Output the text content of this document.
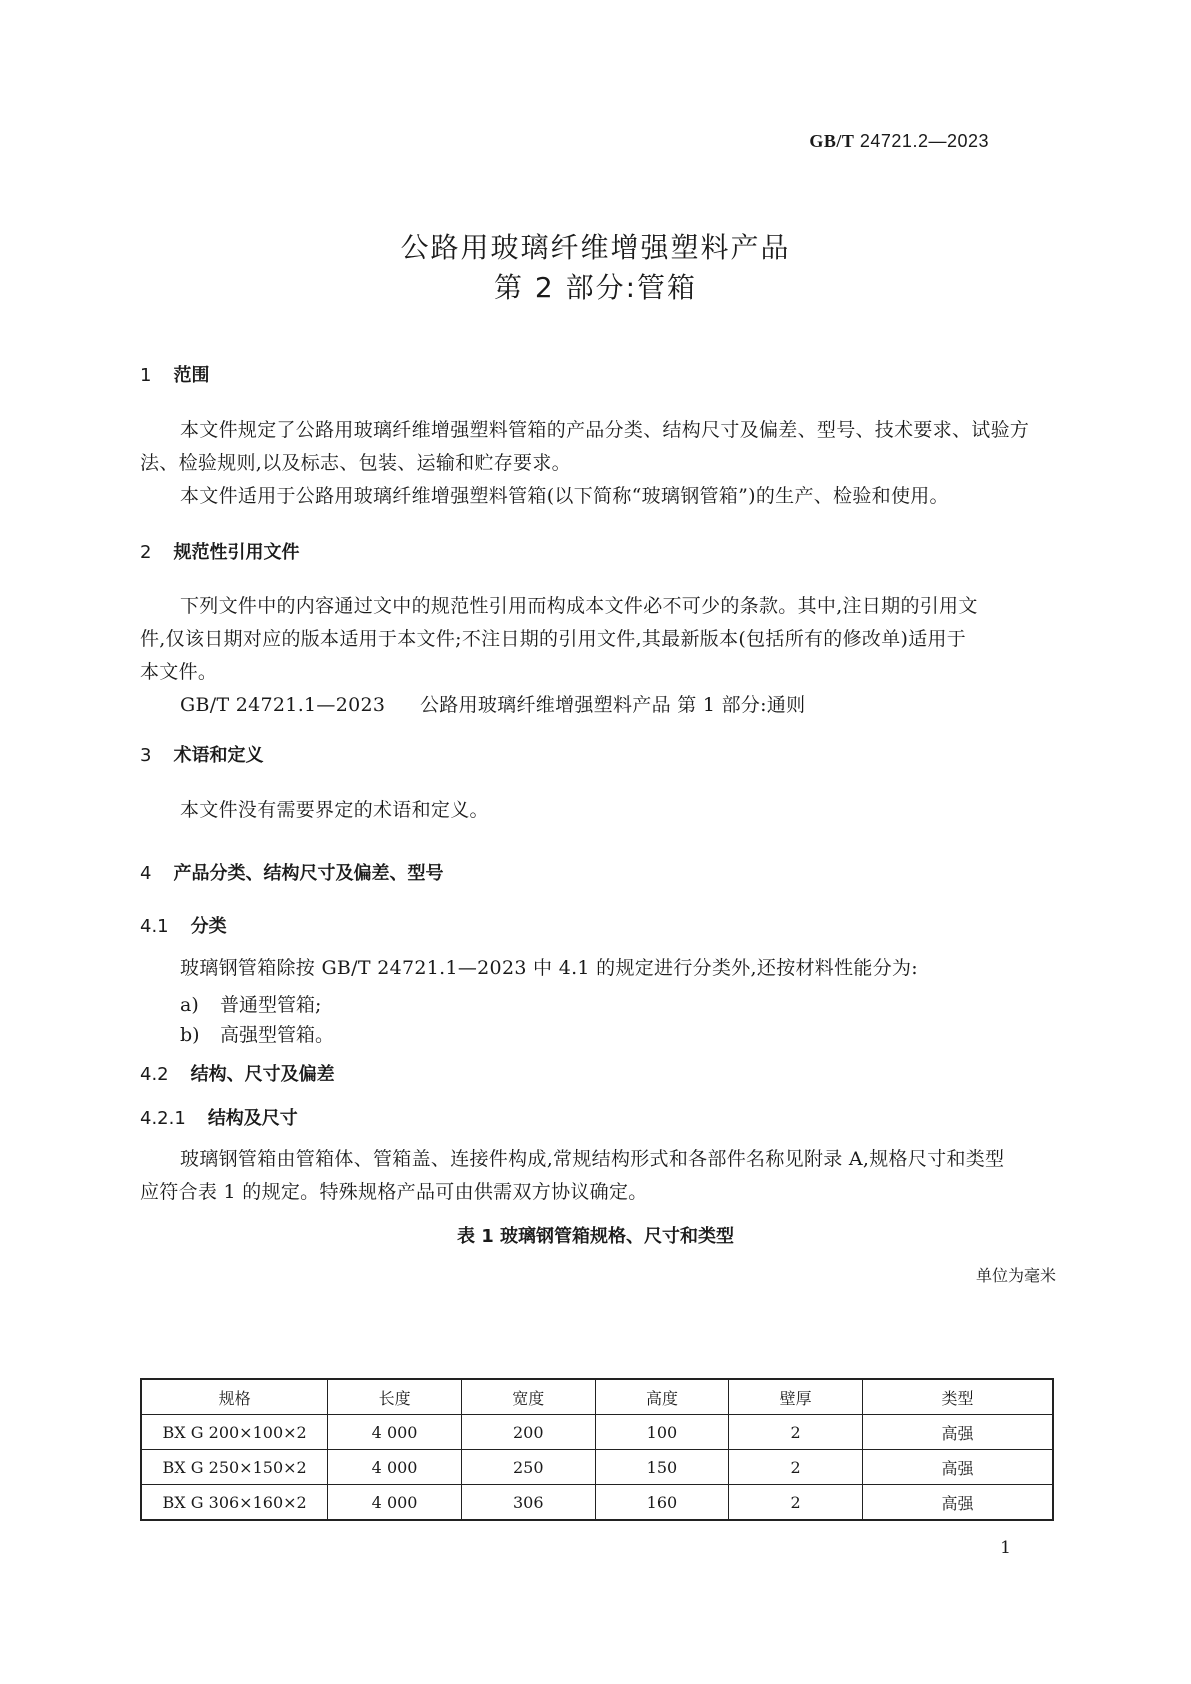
GB/T 24721.2—2023
公路用玻璃纤维增强塑料产品
第 2 部分:管箱
1 范围
本文件规定了公路用玻璃纤维增强塑料管箱的产品分类、结构尺寸及偏差、型号、技术要求、试验方
法、检验规则,以及标志、包装、运输和贮存要求。
本文件适用于公路用玻璃纤维增强塑料管箱(以下简称“玻璃钢管箱”)的生产、检验和使用。
2 规范性引用文件
下列文件中的内容通过文中的规范性引用而构成本文件必不可少的条款。其中,注日期的引用文
件,仅该日期对应的版本适用于本文件;不注日期的引用文件,其最新版本(包括所有的修改单)适用于
本文件。
GB/T 24721.1—2023 公路用玻璃纤维增强塑料产品 第 1 部分:通则
3 术语和定义
本文件没有需要界定的术语和定义。
4 产品分类、结构尺寸及偏差、型号
4.1 分类
玻璃钢管箱除按 GB/T 24721.1—2023 中 4.1 的规定进行分类外,还按材料性能分为:
a) 普通型管箱;
b) 高强型管箱。
4.2 结构、尺寸及偏差
4.2.1 结构及尺寸
玻璃钢管箱由管箱体、管箱盖、连接件构成,常规结构形式和各部件名称见附录 A,规格尺寸和类型
应符合表 1 的规定。特殊规格产品可由供需双方协议确定。
表 1 玻璃钢管箱规格、尺寸和类型
单位为毫米
规格	长度	宽度	高度	壁厚	类型
BX G 200×100×2	4 000	200	100	2	高强
BX G 250×150×2	4 000	250	150	2	高强
BX G 306×160×2	4 000	306	160	2	高强
1
